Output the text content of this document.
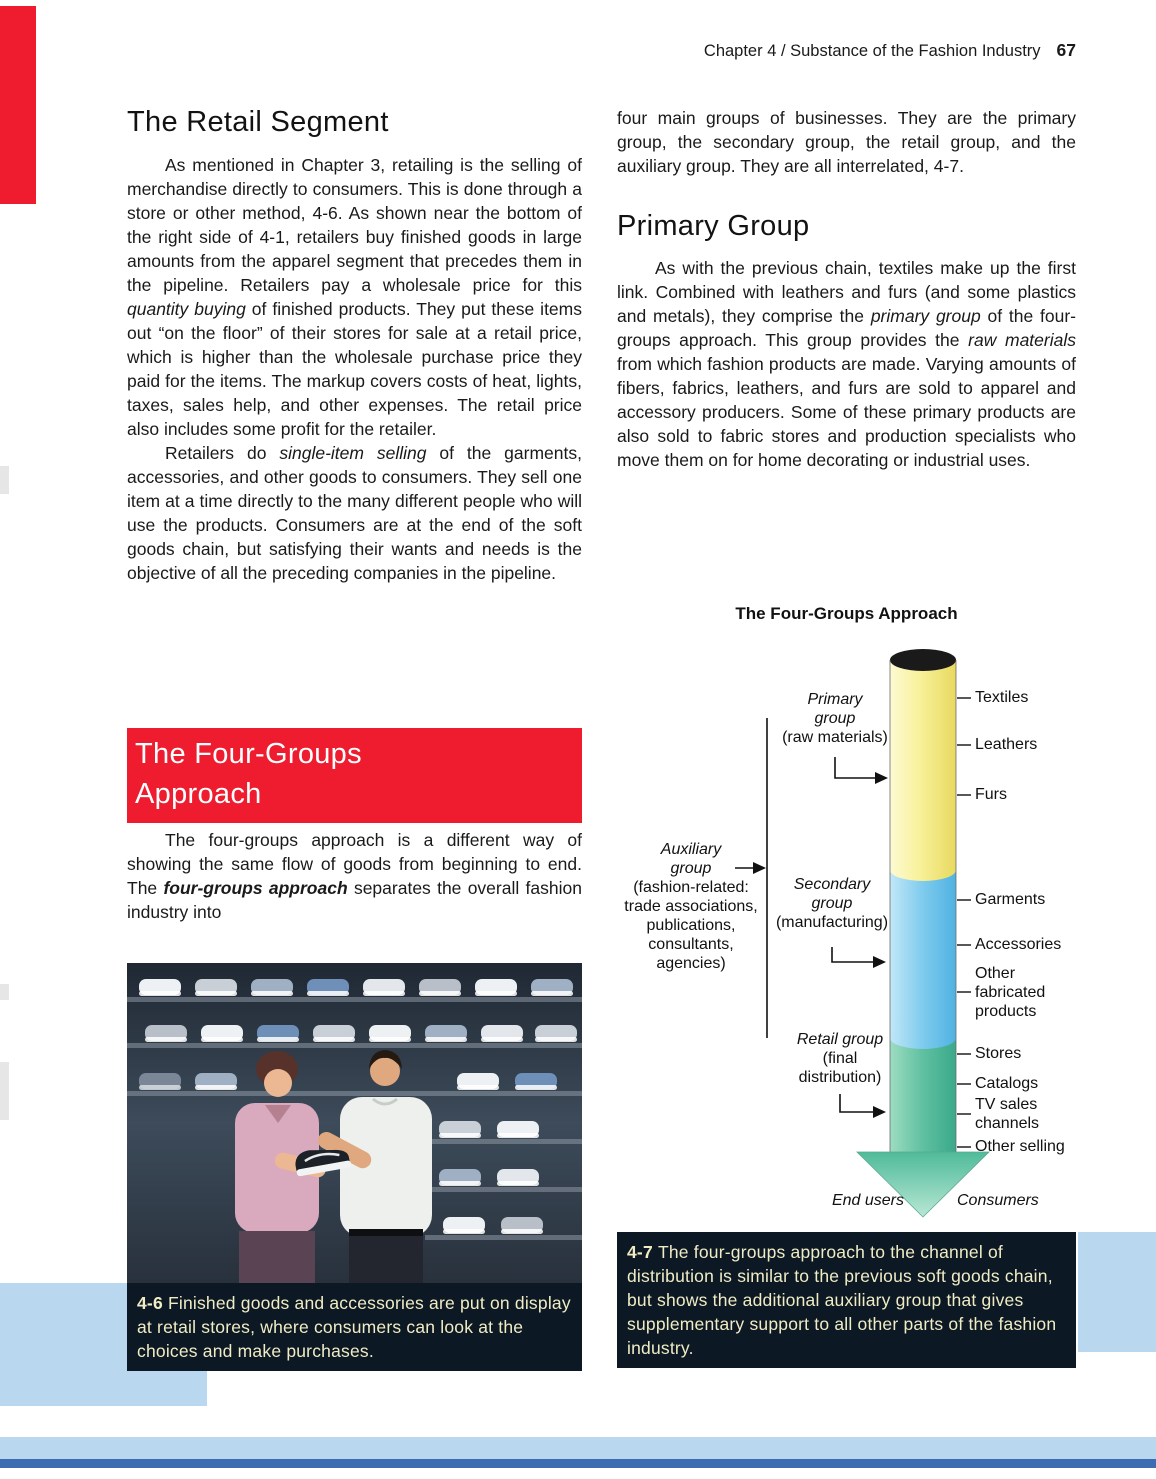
Chapter 4 / Substance of the Fashion Industry 67
The Retail Segment

As mentioned in Chapter 3, retailing is the selling of merchandise directly to consumers. This is done through a store or other method, 4-6. As shown near the bottom of the right side of 4-1, retailers buy finished goods in large amounts from the apparel segment that precedes them in the pipeline. Retailers pay a wholesale price for this quantity buying of finished products. They put these items out “on the floor” of their stores for sale at a retail price, which is higher than the wholesale purchase price they paid for the items. The markup covers costs of heat, lights, taxes, sales help, and other expenses. The retail price also includes some profit for the retailer.

Retailers do single-item selling of the garments, accessories, and other goods to consumers. They sell one item at a time directly to the many different people who will use the products. Consumers are at the end of the soft goods chain, but satisfying their wants and needs is the objective of all the preceding companies in the pipeline.

The Four-Groups
Approach

The four-groups approach is a different way of showing the same flow of goods from beginning to end. The four-groups approach separates the overall fashion industry into

4-6 Finished goods and accessories are put on display at retail stores, where consumers can look at the choices and make purchases.

four main groups of businesses. They are the primary group, the secondary group, the retail group, and the auxiliary group. They are all interrelated, 4-7.

Primary Group

As with the previous chain, textiles make up the first link. Combined with leathers and furs (and some plastics and metals), they comprise the primary group of the four-groups approach. This group provides the raw materials from which fashion products are made. Varying amounts of fibers, fabrics, leathers, and furs are sold to apparel and accessory producers. Some of these primary products are also sold to fabric stores and production specialists who move them on for home decorating or industrial uses.

The Four-Groups Approach
Primary
group
(raw materials)
Auxiliary
group
(fashion-related:
trade associations,
publications,
consultants,
agencies)
Secondary
group
(manufacturing)
Retail group
(final
distribution)
Textiles
Leathers
Furs
Garments
Accessories
Other fabricated products
Stores
Catalogs
TV sales channels
Other selling
End users	Consumers
4-7 The four-groups approach to the channel of distribution is similar to the previous soft goods chain, but shows the additional auxiliary group that gives supplementary support to all other parts of the fashion industry.
